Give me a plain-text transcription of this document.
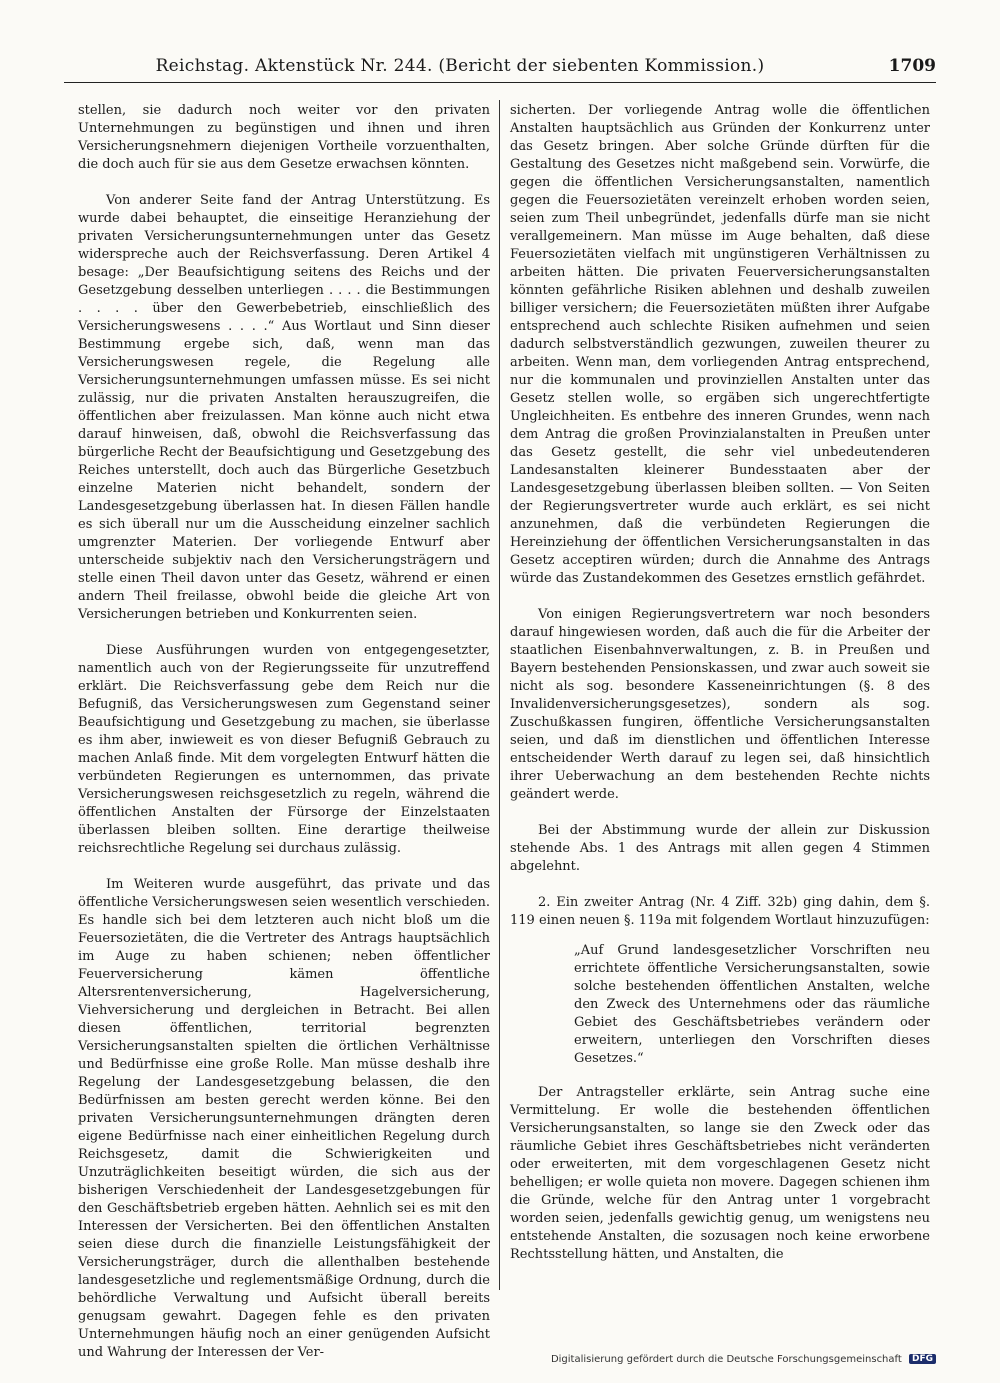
Reichstag. Aktenstück Nr. 244. (Bericht der siebenten Kommission.)	1709

stellen, sie dadurch noch weiter vor den privaten Unternehmungen zu begünstigen und ihnen und ihren Versicherungsnehmern diejenigen Vortheile vorzuenthalten, die doch auch für sie aus dem Gesetze erwachsen könnten.

Von anderer Seite fand der Antrag Unterstützung. Es wurde dabei behauptet, die einseitige Heranziehung der privaten Versicherungsunternehmungen unter das Gesetz widerspreche auch der Reichsverfassung. Deren Artikel 4 besage: „Der Beaufsichtigung seitens des Reichs und der Gesetzgebung desselben unterliegen . . . . die Bestimmungen . . . . über den Gewerbebetrieb, einschließlich des Versicherungswesens . . . .“ Aus Wortlaut und Sinn dieser Bestimmung ergebe sich, daß, wenn man das Versicherungswesen regele, die Regelung alle Versicherungsunternehmungen umfassen müsse. Es sei nicht zulässig, nur die privaten Anstalten herauszugreifen, die öffentlichen aber freizulassen. Man könne auch nicht etwa darauf hinweisen, daß, obwohl die Reichsverfassung das bürgerliche Recht der Beaufsichtigung und Gesetzgebung des Reiches unterstellt, doch auch das Bürgerliche Gesetzbuch einzelne Materien nicht behandelt, sondern der Landesgesetzgebung überlassen hat. In diesen Fällen handle es sich überall nur um die Ausscheidung einzelner sachlich umgrenzter Materien. Der vorliegende Entwurf aber unterscheide subjektiv nach den Versicherungsträgern und stelle einen Theil davon unter das Gesetz, während er einen andern Theil freilasse, obwohl beide die gleiche Art von Versicherungen betrieben und Konkurrenten seien.

Diese Ausführungen wurden von entgegengesetzter, namentlich auch von der Regierungsseite für unzutreffend erklärt. Die Reichsverfassung gebe dem Reich nur die Befugniß, das Versicherungswesen zum Gegenstand seiner Beaufsichtigung und Gesetzgebung zu machen, sie überlasse es ihm aber, inwieweit es von dieser Befugniß Gebrauch zu machen Anlaß finde. Mit dem vorgelegten Entwurf hätten die verbündeten Regierungen es unternommen, das private Versicherungswesen reichsgesetzlich zu regeln, während die öffentlichen Anstalten der Fürsorge der Einzelstaaten überlassen bleiben sollten. Eine derartige theilweise reichsrechtliche Regelung sei durchaus zulässig.

Im Weiteren wurde ausgeführt, das private und das öffentliche Versicherungswesen seien wesentlich verschieden. Es handle sich bei dem letzteren auch nicht bloß um die Feuersozietäten, die die Vertreter des Antrags hauptsächlich im Auge zu haben schienen; neben öffentlicher Feuerversicherung kämen öffentliche Altersrentenversicherung, Hagelversicherung, Viehversicherung und dergleichen in Betracht. Bei allen diesen öffentlichen, territorial begrenzten Versicherungsanstalten spielten die örtlichen Verhältnisse und Bedürfnisse eine große Rolle. Man müsse deshalb ihre Regelung der Landesgesetzgebung belassen, die den Bedürfnissen am besten gerecht werden könne. Bei den privaten Versicherungsunternehmungen drängten deren eigene Bedürfnisse nach einer einheitlichen Regelung durch Reichsgesetz, damit die Schwierigkeiten und Unzuträglichkeiten beseitigt würden, die sich aus der bisherigen Verschiedenheit der Landesgesetzgebungen für den Geschäftsbetrieb ergeben hätten. Aehnlich sei es mit den Interessen der Versicherten. Bei den öffentlichen Anstalten seien diese durch die finanzielle Leistungsfähigkeit der Versicherungsträger, durch die allenthalben bestehende landesgesetzliche und reglementsmäßige Ordnung, durch die behördliche Verwaltung und Aufsicht überall bereits genugsam gewahrt. Dagegen fehle es den privaten Unternehmungen häufig noch an einer genügenden Aufsicht und Wahrung der Interessen der Ver-

sicherten. Der vorliegende Antrag wolle die öffentlichen Anstalten hauptsächlich aus Gründen der Konkurrenz unter das Gesetz bringen. Aber solche Gründe dürften für die Gestaltung des Gesetzes nicht maßgebend sein. Vorwürfe, die gegen die öffentlichen Versicherungsanstalten, namentlich gegen die Feuersozietäten vereinzelt erhoben worden seien, seien zum Theil unbegründet, jedenfalls dürfe man sie nicht verallgemeinern. Man müsse im Auge behalten, daß diese Feuersozietäten vielfach mit ungünstigeren Verhältnissen zu arbeiten hätten. Die privaten Feuerversicherungsanstalten könnten gefährliche Risiken ablehnen und deshalb zuweilen billiger versichern; die Feuersozietäten müßten ihrer Aufgabe entsprechend auch schlechte Risiken aufnehmen und seien dadurch selbstverständlich gezwungen, zuweilen theurer zu arbeiten. Wenn man, dem vorliegenden Antrag entsprechend, nur die kommunalen und provinziellen Anstalten unter das Gesetz stellen wolle, so ergäben sich ungerechtfertigte Ungleichheiten. Es entbehre des inneren Grundes, wenn nach dem Antrag die großen Provinzialanstalten in Preußen unter das Gesetz gestellt, die sehr viel unbedeutenderen Landesanstalten kleinerer Bundesstaaten aber der Landesgesetzgebung überlassen bleiben sollten. — Von Seiten der Regierungsvertreter wurde auch erklärt, es sei nicht anzunehmen, daß die verbündeten Regierungen die Hereinziehung der öffentlichen Versicherungsanstalten in das Gesetz acceptiren würden; durch die Annahme des Antrags würde das Zustandekommen des Gesetzes ernstlich gefährdet.

Von einigen Regierungsvertretern war noch besonders darauf hingewiesen worden, daß auch die für die Arbeiter der staatlichen Eisenbahnverwaltungen, z. B. in Preußen und Bayern bestehenden Pensionskassen, und zwar auch soweit sie nicht als sog. besondere Kasseneinrichtungen (§. 8 des Invalidenversicherungsgesetzes), sondern als sog. Zuschußkassen fungiren, öffentliche Versicherungsanstalten seien, und daß im dienstlichen und öffentlichen Interesse entscheidender Werth darauf zu legen sei, daß hinsichtlich ihrer Ueberwachung an dem bestehenden Rechte nichts geändert werde.

Bei der Abstimmung wurde der allein zur Diskussion stehende Abs. 1 des Antrags mit allen gegen 4 Stimmen abgelehnt.

2. Ein zweiter Antrag (Nr. 4 Ziff. 32b) ging dahin, dem §. 119 einen neuen §. 119a mit folgendem Wortlaut hinzuzufügen:

„Auf Grund landesgesetzlicher Vorschriften neu errichtete öffentliche Versicherungsanstalten, sowie solche bestehenden öffentlichen Anstalten, welche den Zweck des Unternehmens oder das räumliche Gebiet des Geschäftsbetriebes verändern oder erweitern, unterliegen den Vorschriften dieses Gesetzes.“

Der Antragsteller erklärte, sein Antrag suche eine Vermittelung. Er wolle die bestehenden öffentlichen Versicherungsanstalten, so lange sie den Zweck oder das räumliche Gebiet ihres Geschäftsbetriebes nicht veränderten oder erweiterten, mit dem vorgeschlagenen Gesetz nicht behelligen; er wolle quieta non movere. Dagegen schienen ihm die Gründe, welche für den Antrag unter 1 vorgebracht worden seien, jedenfalls gewichtig genug, um wenigstens neu entstehende Anstalten, die sozusagen noch keine erworbene Rechtsstellung hätten, und Anstalten, die

Digitalisierung gefördert durch die Deutsche Forschungsgemeinschaft DFG
